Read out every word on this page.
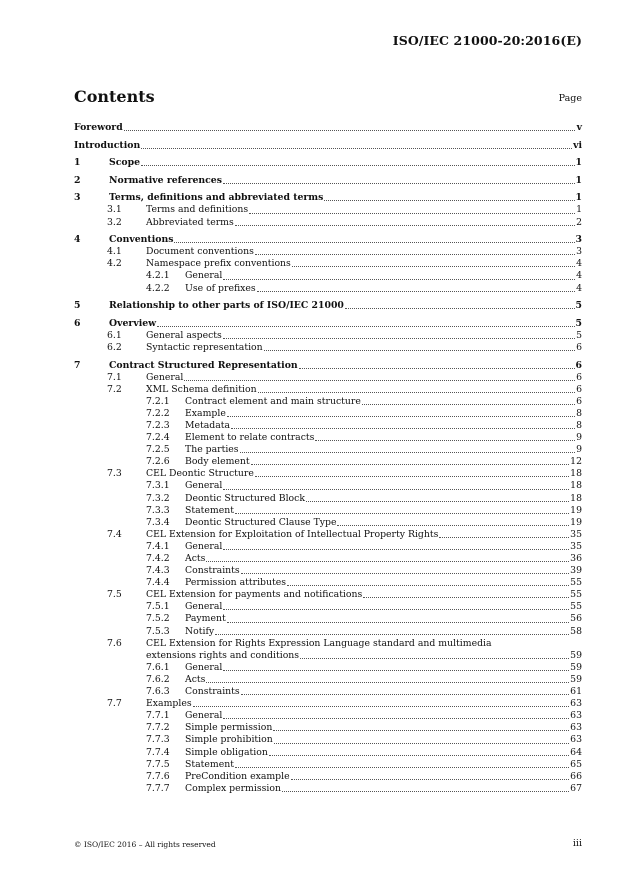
ISO/IEC 21000-20:2016(E)
Contents	Page
Foreword	v
Introduction	vi
1	Scope	1
2	Normative references	1
3	Terms, definitions and abbreviated terms	1
3.1	Terms and definitions	1
3.2	Abbreviated terms	2
4	Conventions	3
4.1	Document conventions	3
4.2	Namespace prefix conventions	4
4.2.1	General	4
4.2.2	Use of prefixes	4
5	Relationship to other parts of ISO/IEC 21000	5
6	Overview	5
6.1	General aspects	5
6.2	Syntactic representation	6
7	Contract Structured Representation	6
7.1	General	6
7.2	XML Schema definition	6
7.2.1	Contract element and main structure	6
7.2.2	Example	8
7.2.3	Metadata	8
7.2.4	Element to relate contracts	9
7.2.5	The parties	9
7.2.6	Body element	12
7.3	CEL Deontic Structure	18
7.3.1	General	18
7.3.2	Deontic Structured Block	18
7.3.3	Statement	19
7.3.4	Deontic Structured Clause Type	19
7.4	CEL Extension for Exploitation of Intellectual Property Rights	35
7.4.1	General	35
7.4.2	Acts	36
7.4.3	Constraints	39
7.4.4	Permission attributes	55
7.5	CEL Extension for payments and notifications	55
7.5.1	General	55
7.5.2	Payment	56
7.5.3	Notify	58
7.6	CEL Extension for Rights Expression Language standard and multimedia
extensions rights and conditions	59
7.6.1	General	59
7.6.2	Acts	59
7.6.3	Constraints	61
7.7	Examples	63
7.7.1	General	63
7.7.2	Simple permission	63
7.7.3	Simple prohibition	63
7.7.4	Simple obligation	64
7.7.5	Statement	65
7.7.6	PreCondition example	66
7.7.7	Complex permission	67
© ISO/IEC 2016 – All rights reserved	iii
